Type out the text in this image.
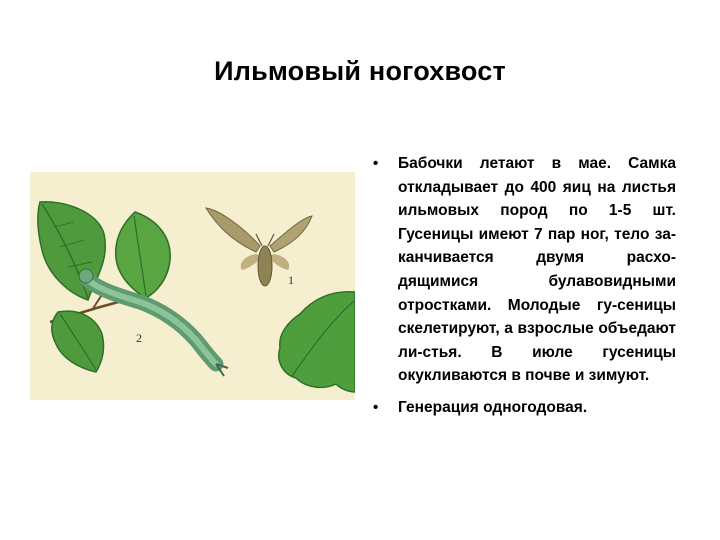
Ильмовый ногохвост
2
1
• Бабочки летают в мае. Самка откладывает до 400 яиц на листья ильмовых пород по 1-5 шт. Гусеницы имеют 7 пар ног, тело за-канчивается двумя расхо-дящимися булавовидными отростками. Молодые гу-сеницы скелетируют, а взрослые объедают ли-стья. В июле гусеницы окукливаются в почве и зимуют.
• Генерация одногодовая.
